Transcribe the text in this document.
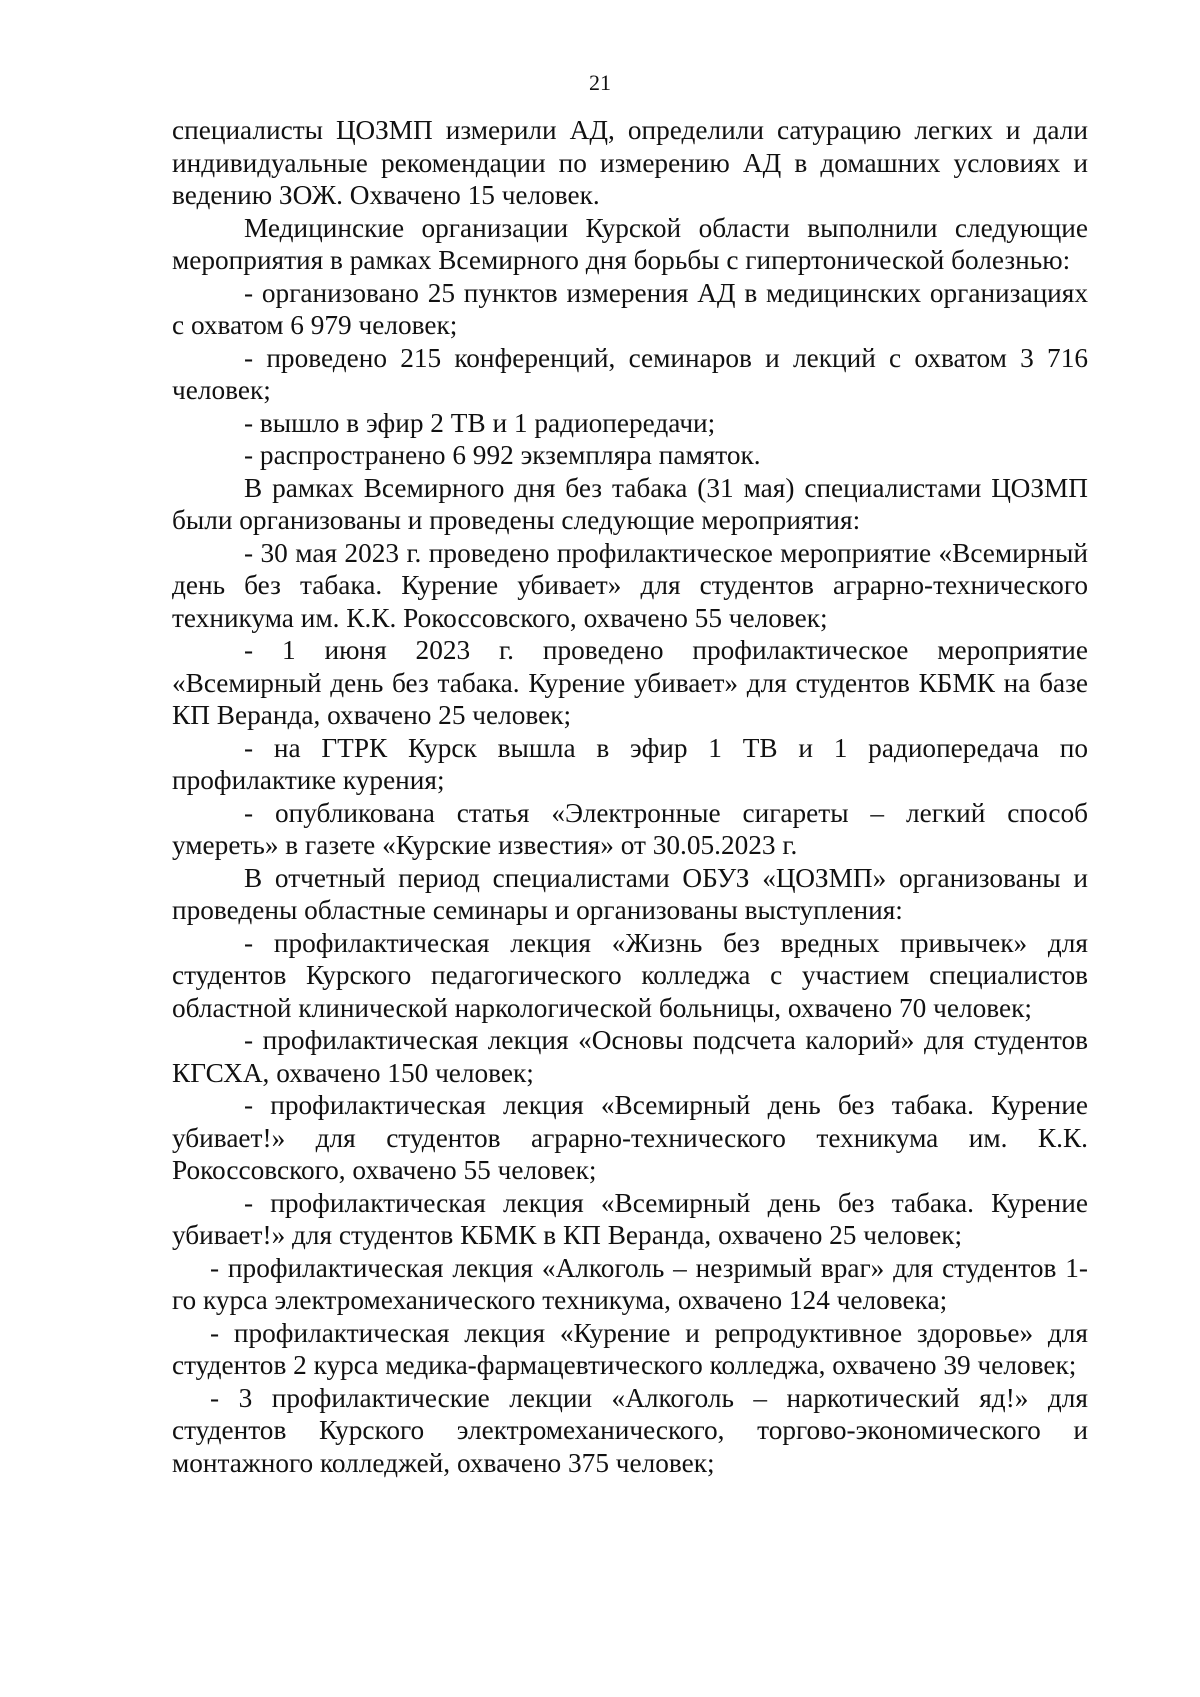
21

специалисты ЦОЗМП измерили АД, определили сатурацию легких и дали индивидуальные рекомендации по измерению АД в домашних условиях и ведению ЗОЖ. Охвачено 15 человек.

Медицинские организации Курской области выполнили следующие мероприятия в рамках Всемирного дня борьбы с гипертонической болезнью:

- организовано 25 пунктов измерения АД в медицинских организациях с охватом 6 979 человек;

- проведено 215 конференций, семинаров и лекций с охватом 3 716 человек;

- вышло в эфир 2 ТВ и 1 радиопередачи;

- распространено 6 992 экземпляра памяток.

В рамках Всемирного дня без табака (31 мая) специалистами ЦОЗМП были организованы и проведены следующие мероприятия:

- 30 мая 2023 г. проведено профилактическое мероприятие «Всемирный день без табака. Курение убивает» для студентов аграрно-технического техникума им. К.К. Рокоссовского, охвачено 55 человек;

- 1 июня 2023 г. проведено профилактическое мероприятие «Всемирный день без табака. Курение убивает» для студентов КБМК на базе КП Веранда, охвачено 25 человек;

- на ГТРК Курск вышла в эфир 1 ТВ и 1 радиопередача по профилактике курения;

- опубликована статья «Электронные сигареты – легкий способ умереть» в газете «Курские известия» от 30.05.2023 г.

В отчетный период специалистами ОБУЗ «ЦОЗМП» организованы и проведены областные семинары и организованы выступления:

- профилактическая лекция «Жизнь без вредных привычек» для студентов Курского педагогического колледжа с участием специалистов областной клинической наркологической больницы, охвачено 70 человек;

- профилактическая лекция «Основы подсчета калорий» для студентов КГСХА, охвачено 150 человек;

- профилактическая лекция «Всемирный день без табака. Курение убивает!» для студентов аграрно-технического техникума им. К.К. Рокоссовского, охвачено 55 человек;

- профилактическая лекция «Всемирный день без табака. Курение убивает!» для студентов КБМК в КП Веранда, охвачено 25 человек;

- профилактическая лекция «Алкоголь – незримый враг» для студентов 1-го курса электромеханического техникума, охвачено 124 человека;

- профилактическая лекция «Курение и репродуктивное здоровье» для студентов 2 курса медика-фармацевтического колледжа, охвачено 39 человек;

- 3 профилактические лекции «Алкоголь – наркотический яд!» для студентов Курского электромеханического, торгово-экономического и монтажного колледжей, охвачено 375 человек;
